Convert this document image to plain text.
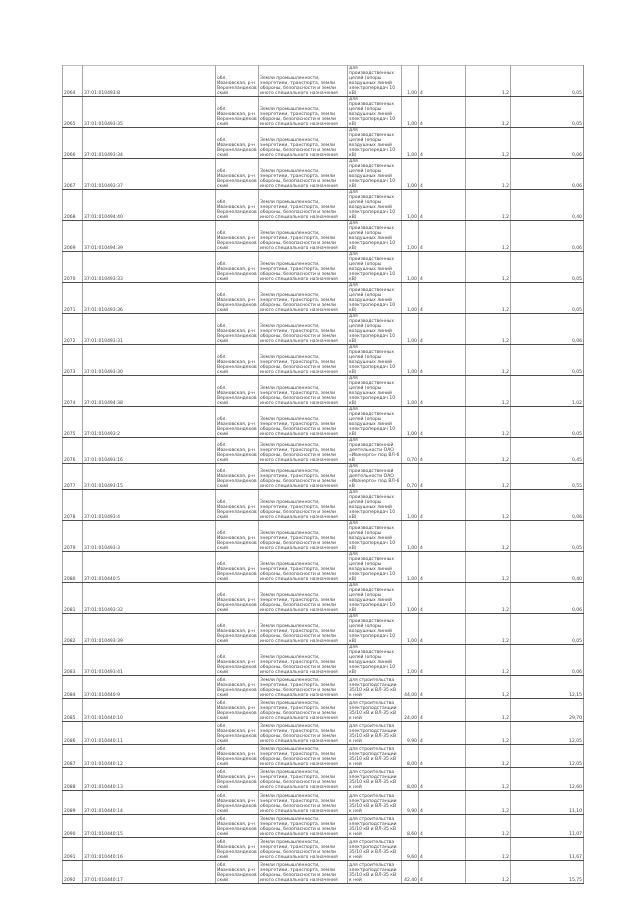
2064	37:01:010493:8	обл. Ивановская, р-н Верхнеландеховский	Земли промышленности, энергетики, транспорта, земли обороны, безопасности и земли иного специального назначения	для производственных целей (опоры воздушных линий электропередач 10 кВ)	1,00	4	1,2	0,05
2065	37:01:010493:35	обл. Ивановская, р-н Верхнеландеховский	Земли промышленности, энергетики, транспорта, земли обороны, безопасности и земли иного специального назначения	для производственных целей (опоры воздушных линий электропередач 10 кВ)	1,00	4	1,2	0,05
2066	37:01:010493:34	обл. Ивановская, р-н Верхнеландеховский	Земли промышленности, энергетики, транспорта, земли обороны, безопасности и земли иного специального назначения	для производственных целей (опоры воздушных линий электропередач 10 кВ)	1,00	4	1,2	0,06
2067	37:01:010493:37	обл. Ивановская, р-н Верхнеландеховский	Земли промышленности, энергетики, транспорта, земли обороны, безопасности и земли иного специального назначения	для производственных целей (опоры воздушных линий электропередач 10 кВ)	1,00	4	1,2	0,06
2068	37:01:010494:40	обл. Ивановская, р-н Верхнеландеховский	Земли промышленности, энергетики, транспорта, земли обороны, безопасности и земли иного специального назначения	для производственных целей (опоры воздушных линий электропередач 10 кВ)	1,00	4	1,2	0,40
2069	37:01:010494:39	обл. Ивановская, р-н Верхнеландеховский	Земли промышленности, энергетики, транспорта, земли обороны, безопасности и земли иного специального назначения	для производственных целей (опоры воздушных линий электропередач 10 кВ)	1,00	4	1,2	0,06
2070	37:01:010493:33	обл. Ивановская, р-н Верхнеландеховский	Земли промышленности, энергетики, транспорта, земли обороны, безопасности и земли иного специального назначения	для производственных целей (опоры воздушных линий электропередач 10 кВ)	1,00	4	1,2	0,05
2071	37:01:010493:36	обл. Ивановская, р-н Верхнеландеховский	Земли промышленности, энергетики, транспорта, земли обороны, безопасности и земли иного специального назначения	для производственных целей (опоры воздушных линий электропередач 10 кВ)	1,00	4	1,2	0,05
2072	37:01:010493:31	обл. Ивановская, р-н Верхнеландеховский	Земли промышленности, энергетики, транспорта, земли обороны, безопасности и земли иного специального назначения	для производственных целей (опоры воздушных линий электропередач 10 кВ)	1,00	4	1,2	0,06
2073	37:01:010493:30	обл. Ивановская, р-н Верхнеландеховский	Земли промышленности, энергетики, транспорта, земли обороны, безопасности и земли иного специального назначения	для производственных целей (опоры воздушных линий электропередач 10 кВ)	1,00	4	1,2	0,05
2074	37:01:010494:38	обл. Ивановская, р-н Верхнеландеховский	Земли промышленности, энергетики, транспорта, земли обороны, безопасности и земли иного специального назначения	для производственных целей (опоры воздушных линий электропередач 10 кВ)	1,00	4	1,2	1,02
2075	37:01:010493:2	обл. Ивановская, р-н Верхнеландеховский	Земли промышленности, энергетики, транспорта, земли обороны, безопасности и земли иного специального назначения	для производственных целей (опоры воздушных линий электропередач 10 кВ)	1,00	4	1,2	0,05
2076	37:01:010493:16	обл. Ивановская, р-н Верхнеландеховский	Земли промышленности, энергетики, транспорта, земли обороны, безопасности и земли иного специального назначения	для производственной деятельности ОАО «Ивэнерго» под ВЛ-6 кВ	0,70	4	1,2	0,45
2077	37:01:010493:15	обл. Ивановская, р-н Верхнеландеховский	Земли промышленности, энергетики, транспорта, земли обороны, безопасности и земли иного специального назначения	для производственной деятельности ОАО «Ивэнерго» под ВЛ-6 кВ	0,70	4	1,2	0,55
2078	37:01:010493:4	обл. Ивановская, р-н Верхнеландеховский	Земли промышленности, энергетики, транспорта, земли обороны, безопасности и земли иного специального назначения	для производственных целей (опоры воздушных линий электропередач 10 кВ)	1,00	4	1,2	0,06
2079	37:01:010493:3	обл. Ивановская, р-н Верхнеландеховский	Земли промышленности, энергетики, транспорта, земли обороны, безопасности и земли иного специального назначения	для производственных целей (опоры воздушных линий электропередач 10 кВ)	1,00	4	1,2	0,05
2080	37:01:010440:5	обл. Ивановская, р-н Верхнеландеховский	Земли промышленности, энергетики, транспорта, земли обороны, безопасности и земли иного специального назначения	для производственных целей (опоры воздушных линий электропередач 10 кВ)	1,00	4	1,2	0,40
2081	37:01:010493:32	обл. Ивановская, р-н Верхнеландеховский	Земли промышленности, энергетики, транспорта, земли обороны, безопасности и земли иного специального назначения	для производственных целей (опоры воздушных линий электропередач 10 кВ)	1,00	4	1,2	0,06
2082	37:01:010493:39	обл. Ивановская, р-н Верхнеландеховский	Земли промышленности, энергетики, транспорта, земли обороны, безопасности и земли иного специального назначения	для производственных целей (опоры воздушных линий электропередач 10 кВ)	1,00	4	1,2	0,05
2083	37:01:010493:41	обл. Ивановская, р-н Верхнеландеховский	Земли промышленности, энергетики, транспорта, земли обороны, безопасности и земли иного специального назначения	для производственных целей (опоры воздушных линий электропередач 10 кВ)	1,00	4	1,2	0,06
2084	37:01:010440:9	обл. Ивановская, р-н Верхнеландеховский	Земли промышленности, энергетики, транспорта, земли обороны, безопасности и земли иного специального назначения	для строительства электроподстанции 35/10 кВ и ВЛ-35 кВ к ней	44,00	4	1,2	12,15
2085	37:01:010440:10	обл. Ивановская, р-н Верхнеландеховский	Земли промышленности, энергетики, транспорта, земли обороны, безопасности и земли иного специального назначения	для строительства электроподстанции 35/10 кВ и ВЛ-35 кВ к ней	24,00	4	1,2	29,70
2086	37:01:010440:11	обл. Ивановская, р-н Верхнеландеховский	Земли промышленности, энергетики, транспорта, земли обороны, безопасности и земли иного специального назначения	для строительства электроподстанции 35/10 кВ и ВЛ-35 кВ к ней	9,90	4	1,2	12,05
2087	37:01:010440:12	обл. Ивановская, р-н Верхнеландеховский	Земли промышленности, энергетики, транспорта, земли обороны, безопасности и земли иного специального назначения	для строительства электроподстанции 35/10 кВ и ВЛ-35 кВ к ней	8,00	4	1,2	12,05
2088	37:01:010440:13	обл. Ивановская, р-н Верхнеландеховский	Земли промышленности, энергетики, транспорта, земли обороны, безопасности и земли иного специального назначения	для строительства электроподстанции 35/10 кВ и ВЛ-35 кВ к ней	8,00	4	1,2	12,60
2089	37:01:010440:14	обл. Ивановская, р-н Верхнеландеховский	Земли промышленности, энергетики, транспорта, земли обороны, безопасности и земли иного специального назначения	для строительства электроподстанции 35/10 кВ и ВЛ-35 кВ к ней	9,90	4	1,2	11,10
2090	37:01:010440:15	обл. Ивановская, р-н Верхнеландеховский	Земли промышленности, энергетики, транспорта, земли обороны, безопасности и земли иного специального назначения	для строительства электроподстанции 35/10 кВ и ВЛ-35 кВ к ней	8,60	4	1,2	11,07
2091	37:01:010440:16	обл. Ивановская, р-н Верхнеландеховский	Земли промышленности, энергетики, транспорта, земли обороны, безопасности и земли иного специального назначения	для строительства электроподстанции 35/10 кВ и ВЛ-35 кВ к ней	9,60	4	1,2	11,67
2092	37:01:010440:17	обл. Ивановская, р-н Верхнеландеховский	Земли промышленности, энергетики, транспорта, земли обороны, безопасности и земли иного специального назначения	для строительства электроподстанции 35/10 кВ и ВЛ-35 кВ к ней	42,40	4	1,2	15,75
